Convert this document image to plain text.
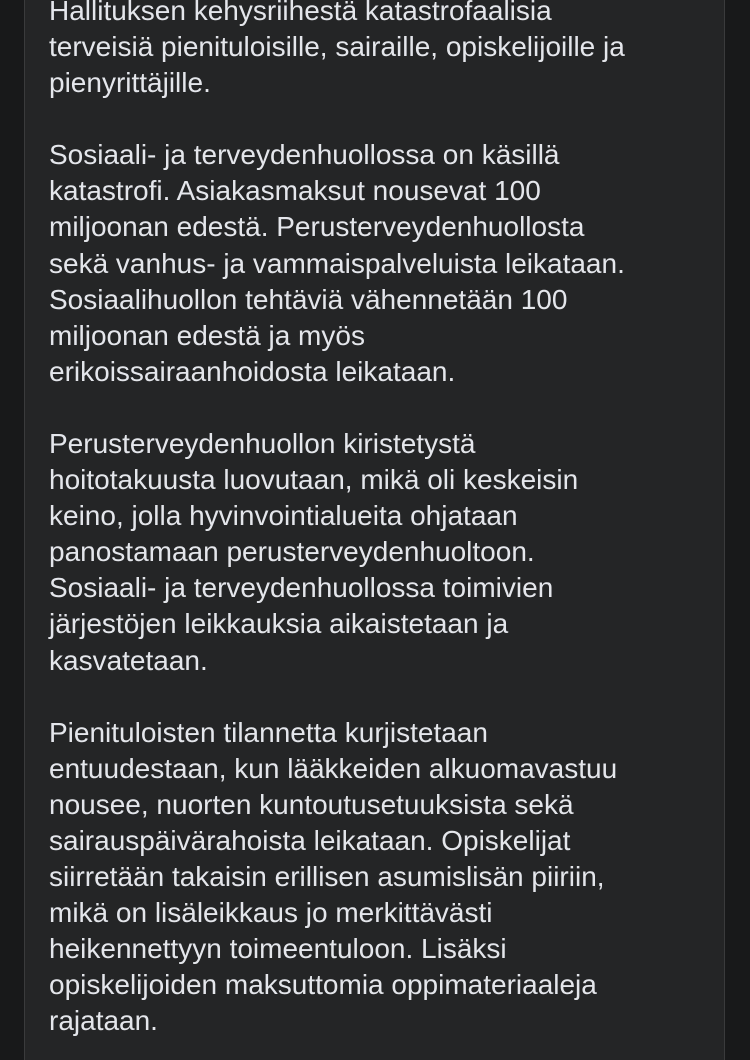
Hallituksen kehysriihestä katastrofaalisia
terveisiä pienituloisille, sairaille, opiskelijoille ja
pienyrittäjille.

Sosiaali- ja terveydenhuollossa on käsillä
katastrofi. Asiakasmaksut nousevat 100
miljoonan edestä. Perusterveydenhuollosta
sekä vanhus- ja vammaispalveluista leikataan.
Sosiaalihuollon tehtäviä vähennetään 100
miljoonan edestä ja myös
erikoissairaanhoidosta leikataan.

Perusterveydenhuollon kiristetystä
hoitotakuusta luovutaan, mikä oli keskeisin
keino, jolla hyvinvointialueita ohjataan
panostamaan perusterveydenhuoltoon.
Sosiaali- ja terveydenhuollossa toimivien
järjestöjen leikkauksia aikaistetaan ja
kasvatetaan.

Pienituloisten tilannetta kurjistetaan
entuudestaan, kun lääkkeiden alkuomavastuu
nousee, nuorten kuntoutusetuuksista sekä
sairauspäivärahoista leikataan. Opiskelijat
siirretään takaisin erillisen asumislisän piiriin,
mikä on lisäleikkaus jo merkittävästi
heikennettyyn toimeentuloon. Lisäksi
opiskelijoiden maksuttomia oppimateriaaleja
rajataan.
